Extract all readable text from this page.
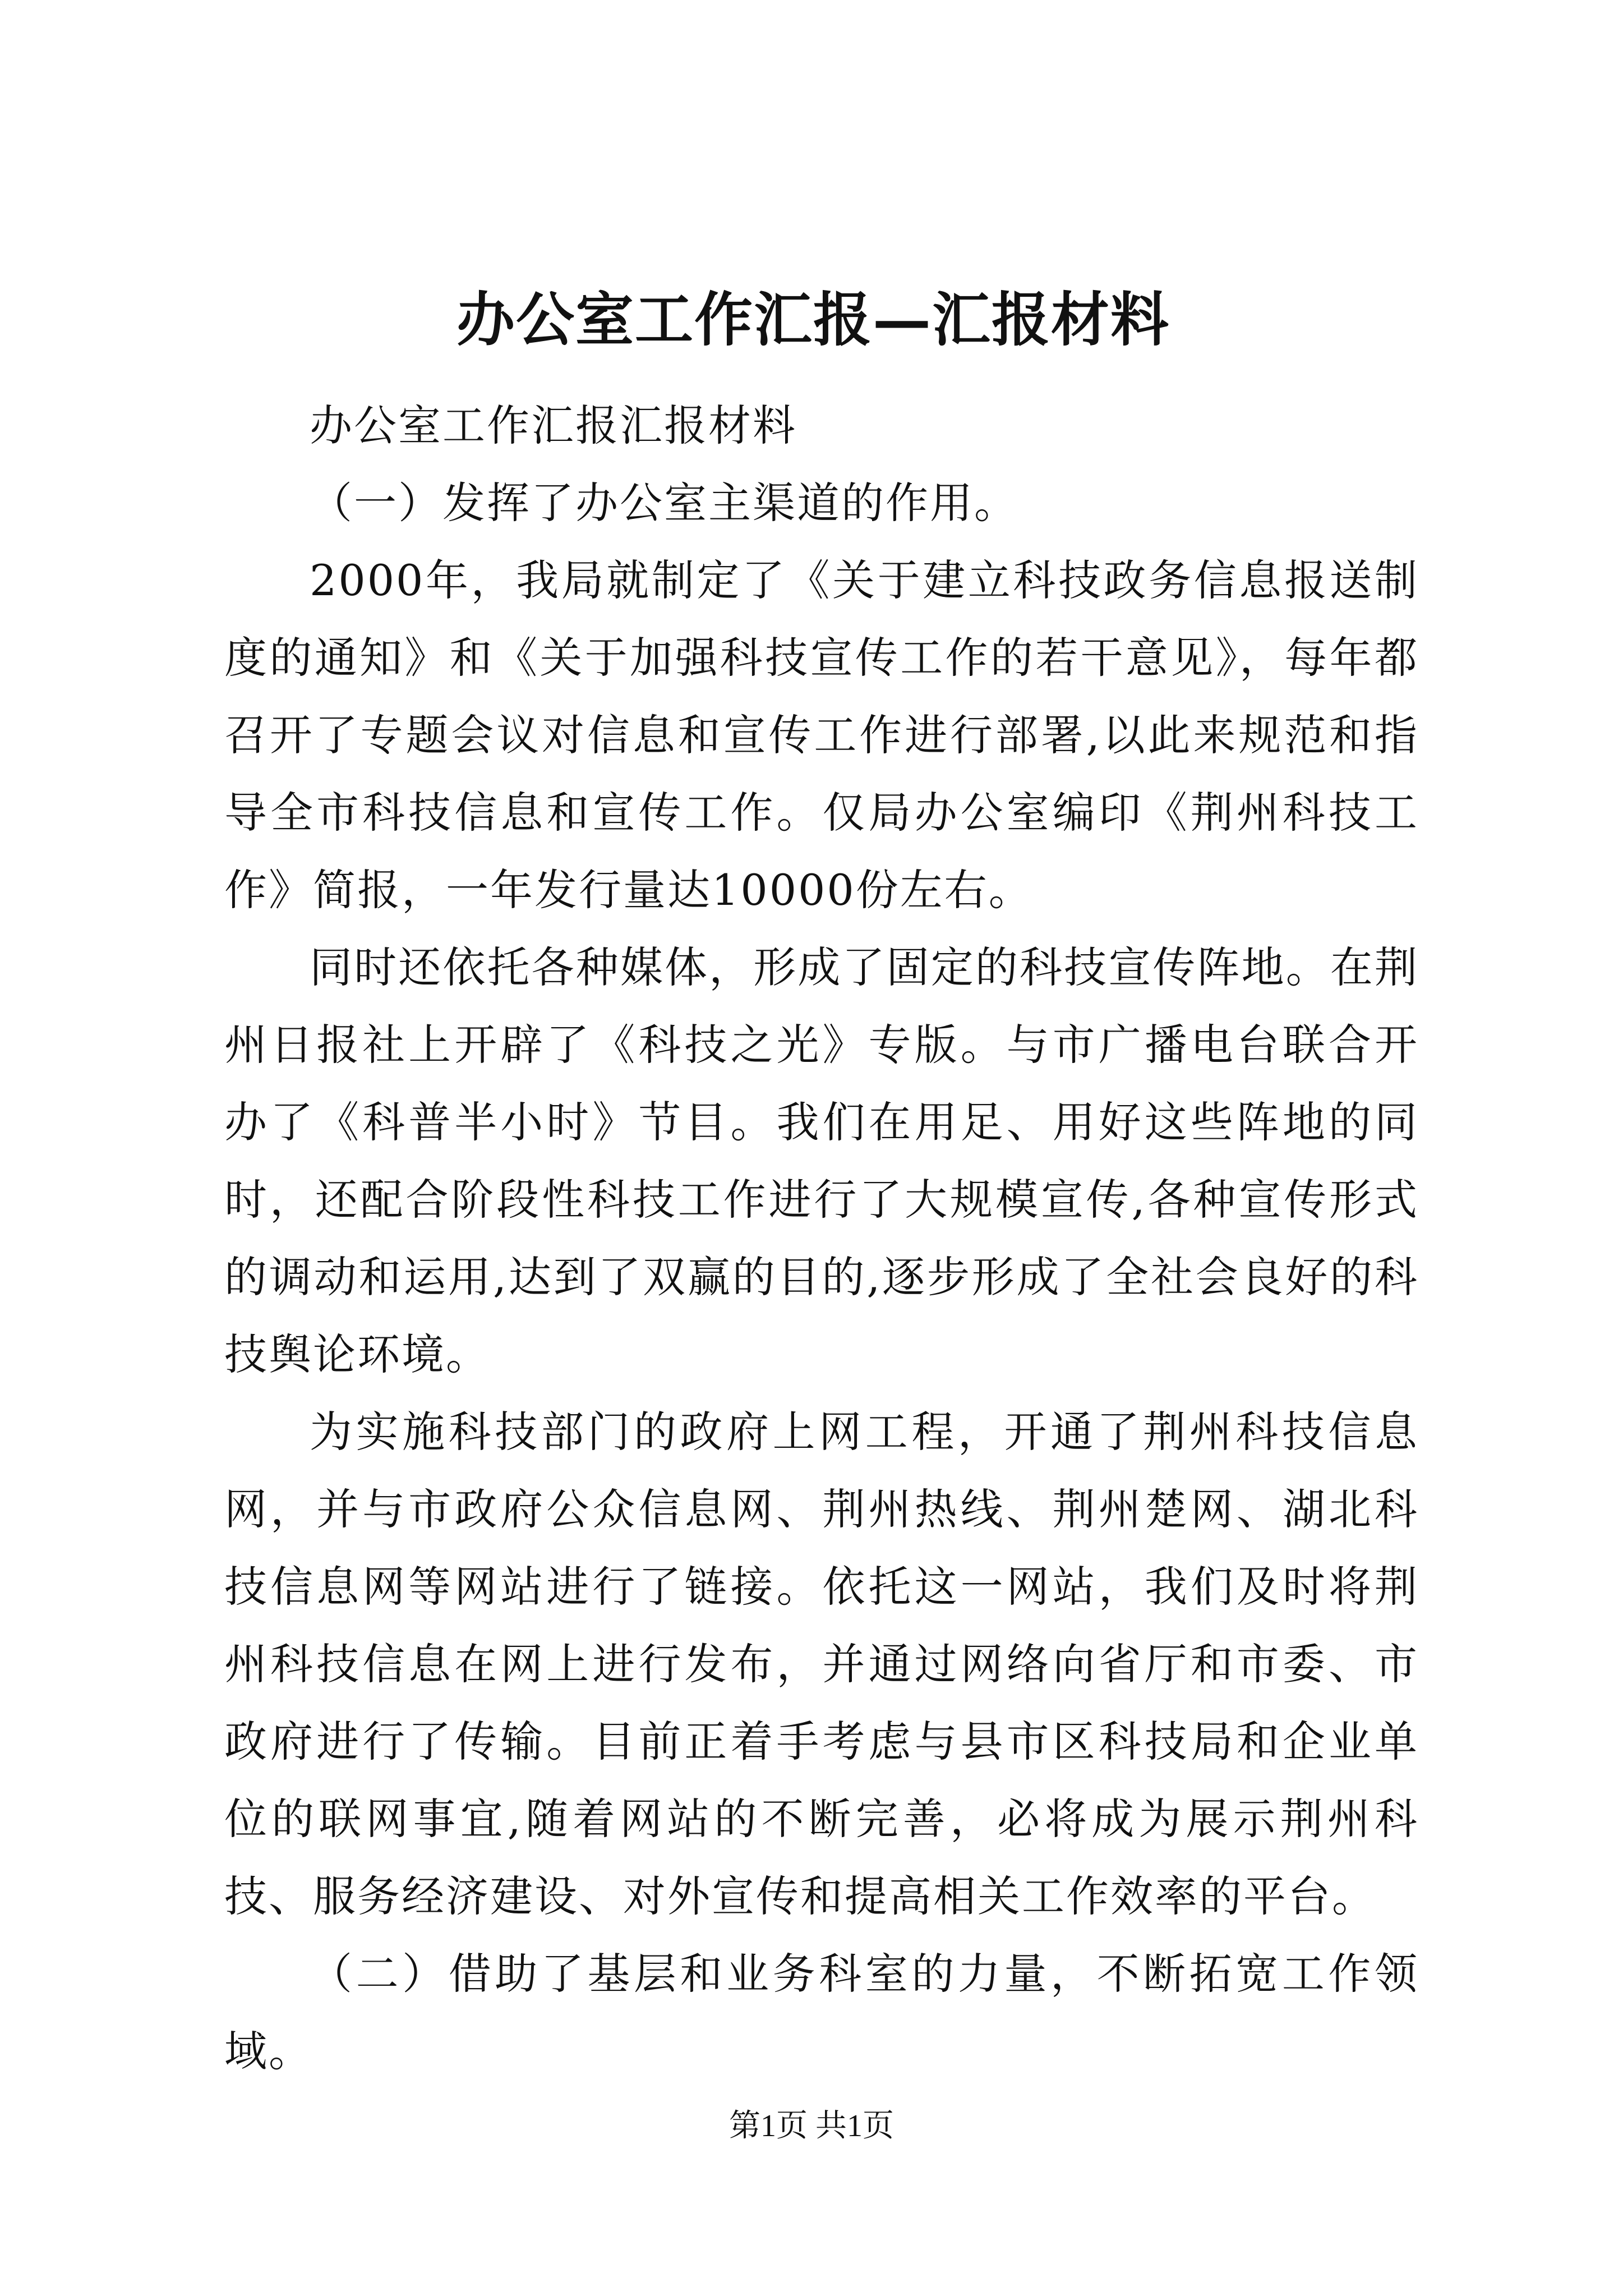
办公室工作汇报—汇报材料

办公室工作汇报汇报材料

（一）发挥了办公室主渠道的作用。

2000年，我局就制定了《关于建立科技政务信息报送制度的通知》和《关于加强科技宣传工作的若干意见》，每年都召开了专题会议对信息和宣传工作进行部署,以此来规范和指导全市科技信息和宣传工作。仅局办公室编印《荆州科技工作》简报，一年发行量达10000份左右。

同时还依托各种媒体，形成了固定的科技宣传阵地。在荆州日报社上开辟了《科技之光》专版。与市广播电台联合开办了《科普半小时》节目。我们在用足、用好这些阵地的同时，还配合阶段性科技工作进行了大规模宣传,各种宣传形式的调动和运用,达到了双赢的目的,逐步形成了全社会良好的科技舆论环境。

为实施科技部门的政府上网工程，开通了荆州科技信息网，并与市政府公众信息网、荆州热线、荆州楚网、湖北科技信息网等网站进行了链接。依托这一网站，我们及时将荆州科技信息在网上进行发布，并通过网络向省厅和市委、市政府进行了传输。目前正着手考虑与县市区科技局和企业单位的联网事宜,随着网站的不断完善，必将成为展示荆州科技、服务经济建设、对外宣传和提高相关工作效率的平台。

（二）借助了基层和业务科室的力量，不断拓宽工作领域。

第1页 共1页
